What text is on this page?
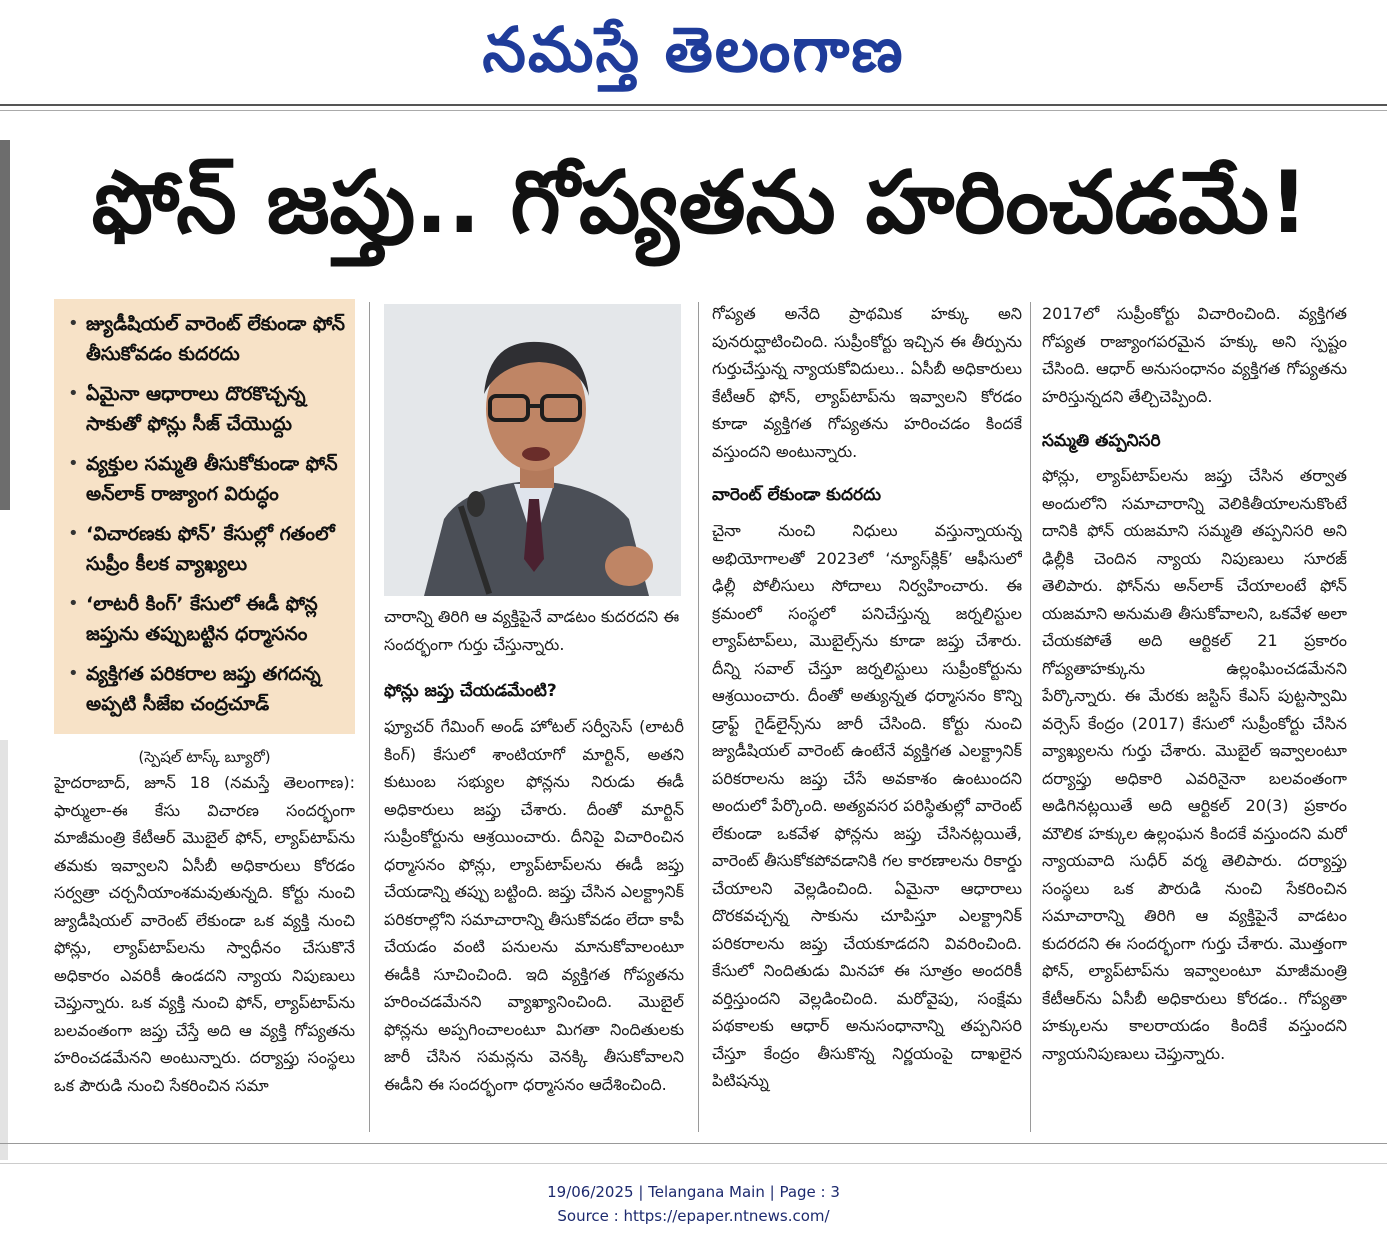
నమస్తే తెలంగాణ
ఫోన్ జప్తు.. గోప్యతను హరించడమే!
• జ్యుడీషియల్ వారెంట్ లేకుండా ఫోన్ తీసుకోవడం కుదరదు
• ఏమైనా ఆధారాలు దొరకొచ్చన్న సాకుతో ఫోన్లు సీజ్ చేయొద్దు
• వ్యక్తుల సమ్మతి తీసుకోకుండా ఫోన్ అన్‌లాక్ రాజ్యాంగ విరుద్ధం
• ‘విచారణకు ఫోన్’ కేసుల్లో గతంలో సుప్రీం కీలక వ్యాఖ్యలు
• ‘లాటరీ కింగ్’ కేసులో ఈడీ ఫోన్ల జప్తును తప్పుబట్టిన ధర్మాసనం
• వ్యక్తిగత పరికరాల జప్తు తగదన్న అప్పటి సీజేఐ చంద్రచూడ్
చారాన్ని తిరిగి ఆ వ్యక్తిపైనే వాడటం కుదరదని ఈ సందర్భంగా గుర్తు చేస్తున్నారు.
(స్పెషల్ టాస్క్ బ్యూరో)

హైదరాబాద్, జూన్ 18 (నమస్తే తెలంగాణ): ఫార్ములా-ఈ కేసు విచారణ సందర్భంగా మాజీమంత్రి కేటీఆర్ మొబైల్ ఫోన్, ల్యాప్‌టాప్‌ను తమకు ఇవ్వాలని ఏసీబీ అధికారులు కోరడం సర్వత్రా చర్చనీయాంశమవుతున్నది. కోర్టు నుంచి జ్యుడీషియల్ వారెంట్ లేకుండా ఒక వ్యక్తి నుంచి ఫోన్లు, ల్యాప్‌టాప్‌లను స్వాధీనం చేసుకొనే అధికారం ఎవరికీ ఉండదని న్యాయ నిపుణులు చెప్తున్నారు. ఒక వ్యక్తి నుంచి ఫోన్, ల్యాప్‌టాప్‌ను బలవంతంగా జప్తు చేస్తే అది ఆ వ్యక్తి గోప్యతను హరించడమేనని అంటున్నారు. దర్యాప్తు సంస్థలు ఒక పౌరుడి నుంచి సేకరించిన సమా

ఫోన్లు జప్తు చేయడమేంటి?

ఫ్యూచర్ గేమింగ్ అండ్ హోటల్ సర్వీసెస్ (లాటరీ కింగ్) కేసులో శాంటియాగో మార్టిన్, అతని కుటుంబ సభ్యుల ఫోన్లను నిరుడు ఈడీ అధికారులు జప్తు చేశారు. దీంతో మార్టిన్ సుప్రీంకోర్టును ఆశ్రయించారు. దీనిపై విచారించిన ధర్మాసనం ఫోన్లు, ల్యాప్‌టాప్‌లను ఈడీ జప్తు చేయడాన్ని తప్పు బట్టింది. జప్తు చేసిన ఎలక్ట్రానిక్ పరికరాల్లోని సమాచారాన్ని తీసుకోవడం లేదా కాపీ చేయడం వంటి పనులను మానుకోవాలంటూ ఈడీకి సూచించింది. ఇది వ్యక్తిగత గోప్యతను హరించడమేనని వ్యాఖ్యానించింది. మొబైల్ ఫోన్లను అప్పగించాలంటూ మిగతా నిందితులకు జారీ చేసిన సమన్లను వెనక్కి తీసుకోవాలని ఈడీని ఈ సందర్భంగా ధర్మాసనం ఆదేశించింది.

గోప్యత అనేది ప్రాథమిక హక్కు అని పునరుద్ఘాటించింది. సుప్రీంకోర్టు ఇచ్చిన ఈ తీర్పును గుర్తుచేస్తున్న న్యాయకోవిదులు.. ఏసీబీ అధికారులు కేటీఆర్ ఫోన్, ల్యాప్‌టాప్‌ను ఇవ్వాలని కోరడం కూడా వ్యక్తిగత గోప్యతను హరించడం కిందకే వస్తుందని అంటున్నారు.

వారెంట్ లేకుండా కుదరదు

చైనా నుంచి నిధులు వస్తున్నాయన్న అభియోగాలతో 2023లో ‘న్యూస్‌క్లిక్’ ఆఫీసులో ఢిల్లీ పోలీసులు సోదాలు నిర్వహించారు. ఈ క్రమంలో సంస్థలో పనిచేస్తున్న జర్నలిస్టుల ల్యాప్‌టాప్‌లు, మొబైల్స్‌ను కూడా జప్తు చేశారు. దీన్ని సవాల్ చేస్తూ జర్నలిస్టులు సుప్రీంకోర్టును ఆశ్రయించారు. దీంతో అత్యున్నత ధర్మాసనం కొన్ని డ్రాఫ్ట్ గైడ్‌లైన్స్‌ను జారీ చేసింది. కోర్టు నుంచి జ్యుడీషియల్ వారెంట్ ఉంటేనే వ్యక్తిగత ఎలక్ట్రానిక్ పరికరాలను జప్తు చేసే అవకాశం ఉంటుందని అందులో పేర్కొంది. అత్యవసర పరిస్థితుల్లో వారెంట్ లేకుండా ఒకవేళ ఫోన్లను జప్తు చేసినట్లయితే, వారెంట్ తీసుకోకపోవడానికి గల కారణాలను రికార్డు చేయాలని వెల్లడించింది. ఏమైనా ఆధారాలు దొరకవచ్చన్న సాకును చూపిస్తూ ఎలక్ట్రానిక్ పరికరాలను జప్తు చేయకూడదని వివరించింది. కేసులో నిందితుడు మినహా ఈ సూత్రం అందరికీ వర్తిస్తుందని వెల్లడించింది. మరోవైపు, సంక్షేమ పథకాలకు ఆధార్ అనుసంధానాన్ని తప్పనిసరి చేస్తూ కేంద్రం తీసుకొన్న నిర్ణయంపై దాఖలైన పిటిషన్ను

2017లో సుప్రీంకోర్టు విచారించింది. వ్యక్తిగత గోప్యత రాజ్యాంగపరమైన హక్కు అని స్పష్టం చేసింది. ఆధార్ అనుసంధానం వ్యక్తిగత గోప్యతను హరిస్తున్నదని తేల్చిచెప్పింది.

సమ్మతి తప్పనిసరి

ఫోన్లు, ల్యాప్‌టాప్‌లను జప్తు చేసిన తర్వాత అందులోని సమాచారాన్ని వెలికితీయాలనుకొంటే దానికి ఫోన్ యజమాని సమ్మతి తప్పనిసరి అని ఢిల్లీకి చెందిన న్యాయ నిపుణులు సూరజ్ తెలిపారు. ఫోన్‌ను అన్‌లాక్ చేయాలంటే ఫోన్ యజమాని అనుమతి తీసుకోవాలని, ఒకవేళ అలా చేయకపోతే అది ఆర్టికల్ 21 ప్రకారం గోప్యతాహక్కును ఉల్లంఘించడమేనని పేర్కొన్నారు. ఈ మేరకు జస్టిస్ కేఎస్ పుట్టస్వామి వర్సెస్ కేంద్రం (2017) కేసులో సుప్రీంకోర్టు చేసిన వ్యాఖ్యలను గుర్తు చేశారు. మొబైల్ ఇవ్వాలంటూ దర్యాప్తు అధికారి ఎవరినైనా బలవంతంగా అడిగినట్లయితే అది ఆర్టికల్ 20(3) ప్రకారం మౌలిక హక్కుల ఉల్లంఘన కిందకే వస్తుందని మరో న్యాయవాది సుధీర్ వర్మ తెలిపారు. దర్యాప్తు సంస్థలు ఒక పౌరుడి నుంచి సేకరించిన సమాచారాన్ని తిరిగి ఆ వ్యక్తిపైనే వాడటం కుదరదని ఈ సందర్భంగా గుర్తు చేశారు. మొత్తంగా ఫోన్, ల్యాప్‌టాప్‌ను ఇవ్వాలంటూ మాజీమంత్రి కేటీఆర్‌ను ఏసీబీ అధికారులు కోరడం.. గోప్యతా హక్కులను కాలరాయడం కిందికే వస్తుందని న్యాయనిపుణులు చెప్తున్నారు.

19/06/2025 | Telangana Main | Page : 3
Source : https://epaper.ntnews.com/
